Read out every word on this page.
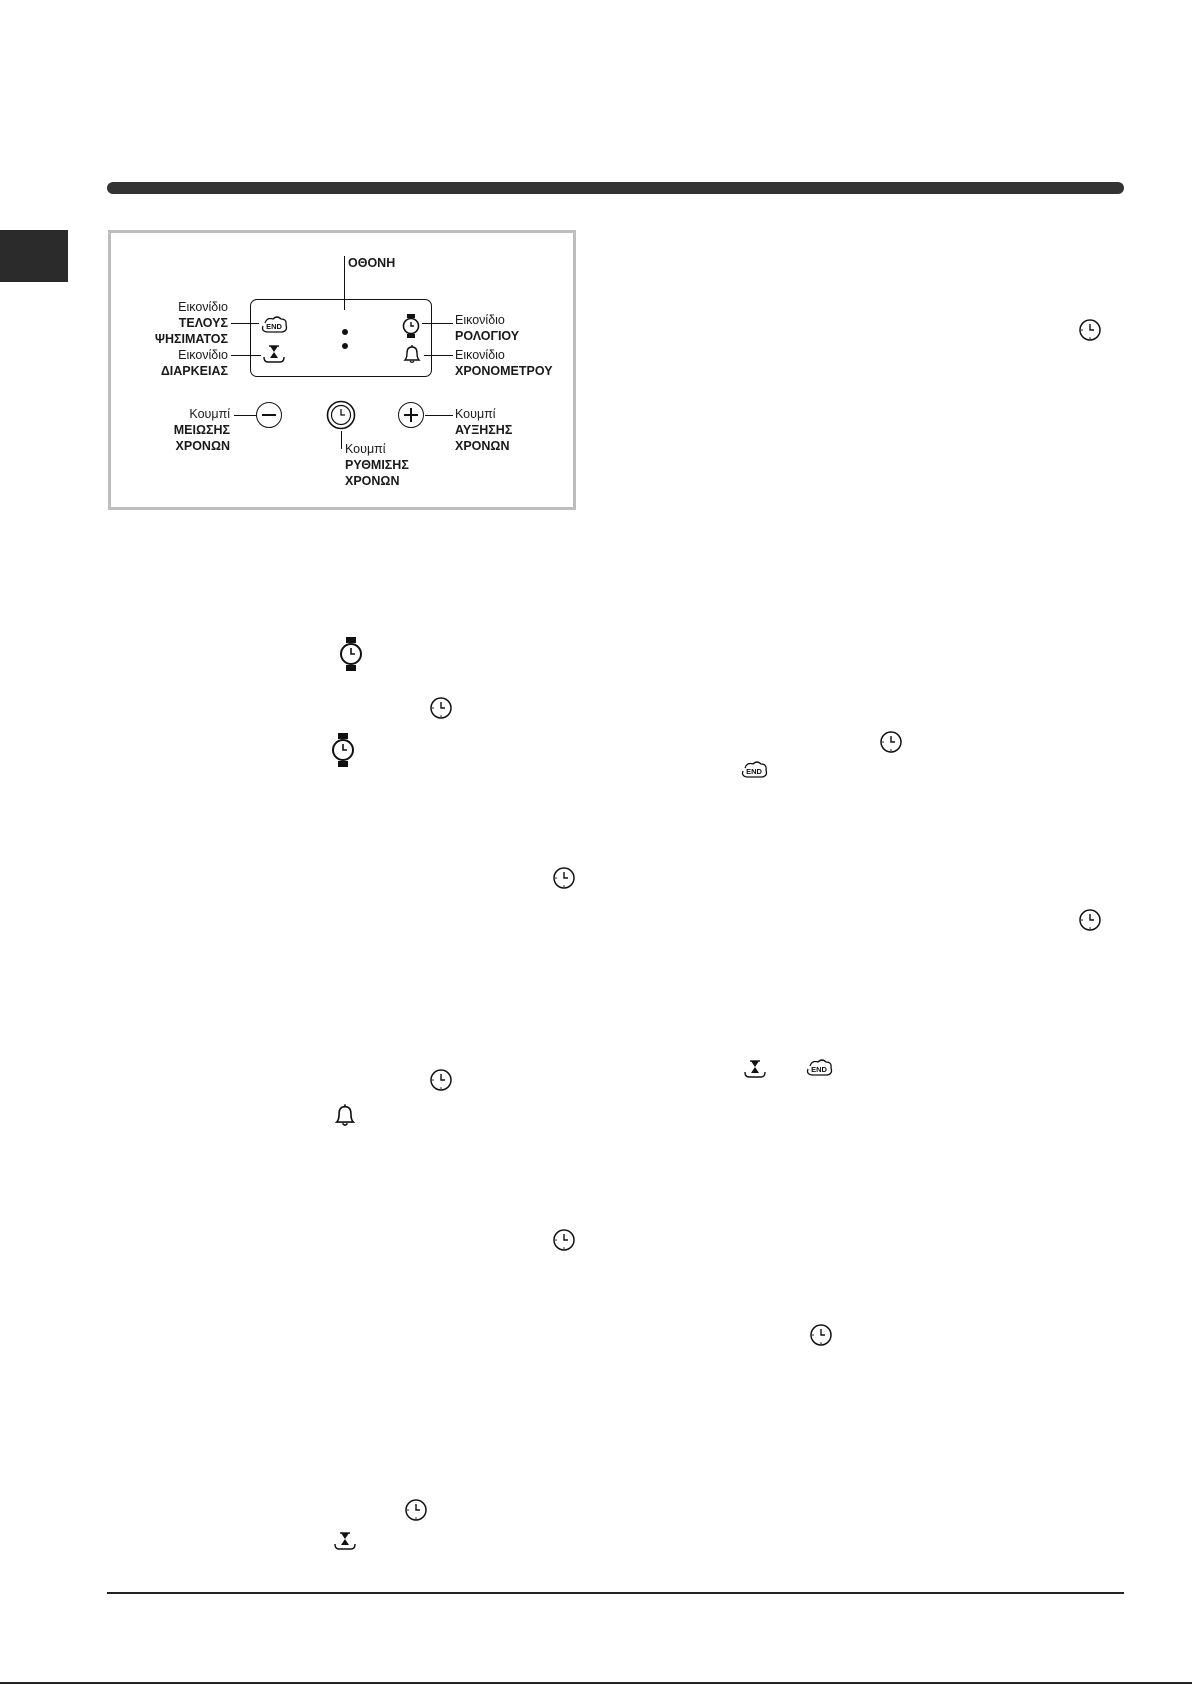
ΟΘΟΝΗ
END
Εικονίδιο
ΤΕΛΟΥΣ
ΨΗΣΙΜΑΤΟΣ
Εικονίδιο
ΔΙΑΡΚΕΙΑΣ
Εικονίδιο
ΡΟΛΟΓΙΟΥ
Εικονίδιο
ΧΡΟΝΟΜΕΤΡΟΥ
Κουμπί
ΜΕΙΩΣΗΣ
ΧΡΟΝΩΝ	Κουμπί
ΡΥΘΜΙΣΗΣ
ΧΡΟΝΩΝ
Κουμπί
ΑΥΞΗΣΗΣ
ΧΡΟΝΩΝ
END
END
